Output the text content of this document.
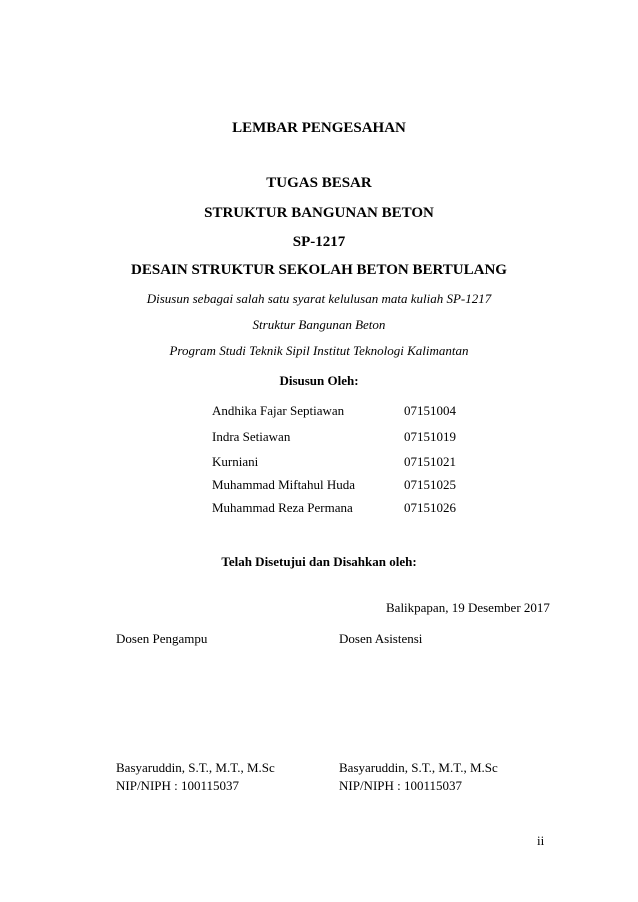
LEMBAR PENGESAHAN
TUGAS BESAR
STRUKTUR BANGUNAN BETON
SP-1217
DESAIN STRUKTUR SEKOLAH BETON BERTULANG
Disusun sebagai salah satu syarat kelulusan mata kuliah SP-1217
Struktur Bangunan Beton
Program Studi Teknik Sipil Institut Teknologi Kalimantan
Disusun Oleh:
Andhika Fajar Septiawan	07151004
Indra Setiawan	07151019
Kurniani	07151021
Muhammad Miftahul Huda	07151025
Muhammad Reza Permana	07151026
Telah Disetujui dan Disahkan oleh:
Balikpapan, 19 Desember 2017
Dosen Pengampu	Dosen Asistensi
Basyaruddin, S.T., M.T., M.Sc	Basyaruddin, S.T., M.T., M.Sc
NIP/NIPH : 100115037	NIP/NIPH : 100115037
ii
